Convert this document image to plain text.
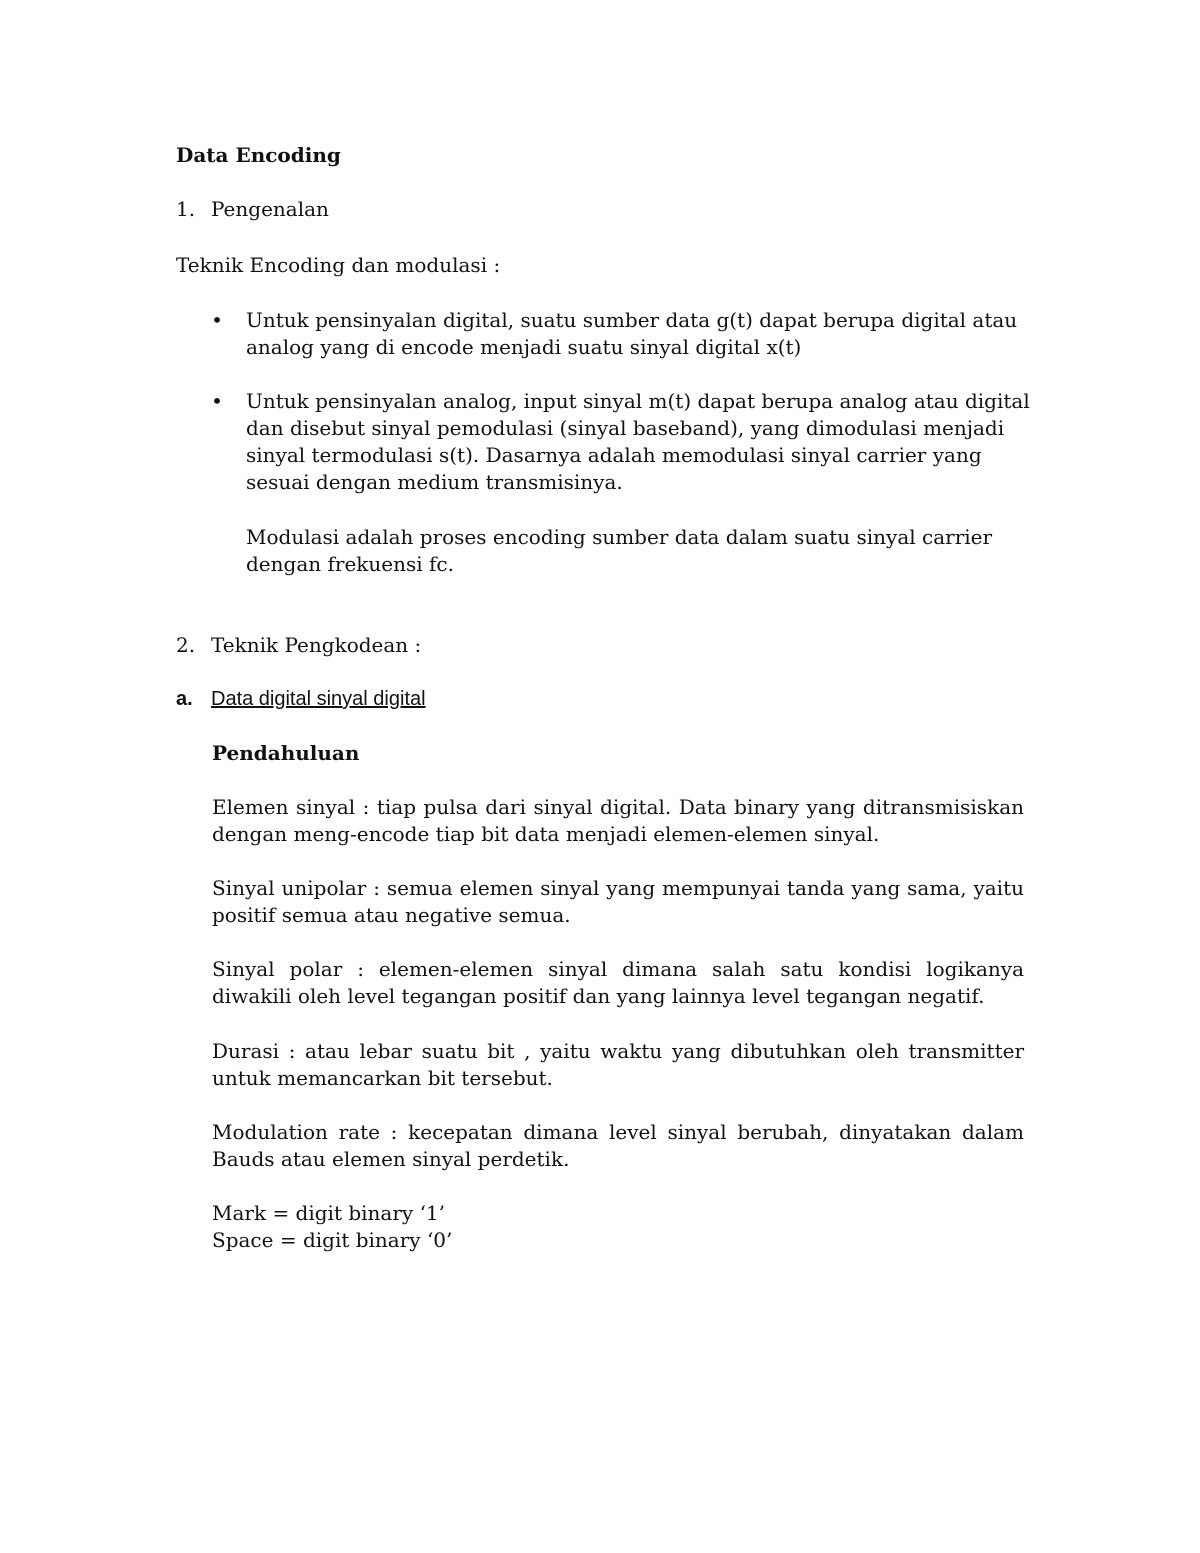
Data Encoding
1. Pengenalan
Teknik Encoding dan modulasi :
• Untuk pensinyalan digital, suatu sumber data g(t) dapat berupa digital atau analog yang di encode menjadi suatu sinyal digital x(t)
• Untuk pensinyalan analog, input sinyal m(t) dapat berupa analog atau digital dan disebut sinyal pemodulasi (sinyal baseband), yang dimodulasi menjadi sinyal termodulasi s(t). Dasarnya adalah memodulasi sinyal carrier yang sesuai dengan medium transmisinya.
Modulasi adalah proses encoding sumber data dalam suatu sinyal carrier dengan frekuensi fc.
2. Teknik Pengkodean :
a. Data digital sinyal digital
Pendahuluan
Elemen sinyal : tiap pulsa dari sinyal digital. Data binary yang ditransmisiskan dengan meng-encode tiap bit data menjadi elemen-elemen sinyal.
Sinyal unipolar : semua elemen sinyal yang mempunyai tanda yang sama, yaitu positif semua atau negative semua.
Sinyal polar : elemen-elemen sinyal dimana salah satu kondisi logikanya diwakili oleh level tegangan positif dan yang lainnya level tegangan negatif.
Durasi : atau lebar suatu bit , yaitu waktu yang dibutuhkan oleh transmitter untuk memancarkan bit tersebut.
Modulation rate : kecepatan dimana level sinyal berubah, dinyatakan dalam Bauds atau elemen sinyal perdetik.
Mark = digit binary ‘1’
Space = digit binary ‘0’
